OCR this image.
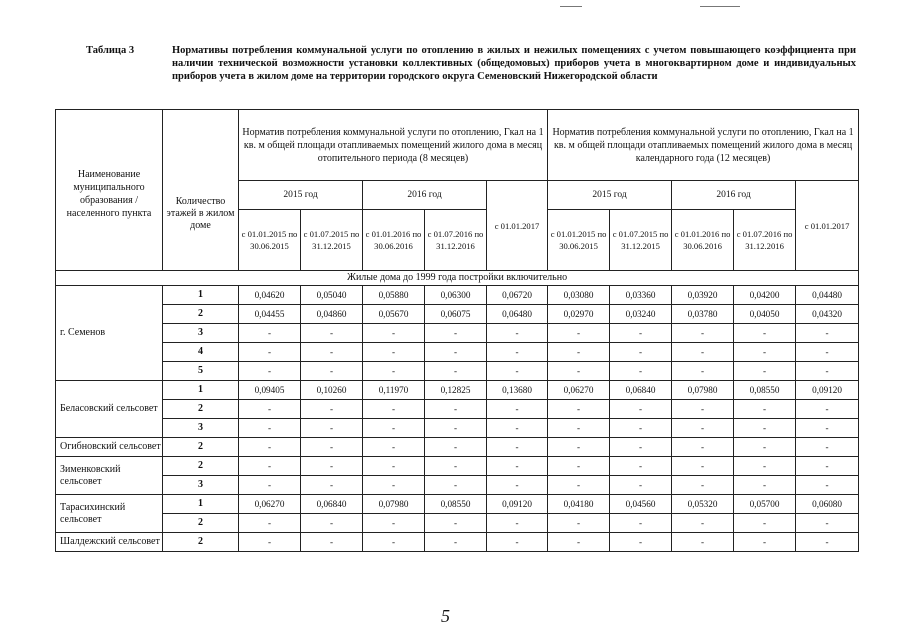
Таблица 3	Нормативы потребления коммунальной услуги по отоплению в жилых и нежилых помещениях с учетом повышающего коэффициента при наличии технической возможности установки коллективных (общедомовых) приборов учета в многоквартирном доме и индивидуальных приборов учета в жилом доме на территории городского округа Семеновский Нижегородской области
Наименование муниципального образования / населенного пункта	Количество этажей в жилом доме	Норматив потребления коммунальной услуги по отоплению, Гкал на 1 кв. м общей площади отапливаемых помещений жилого дома в месяц отопительного периода (8 месяцев)					Норматив потребления коммунальной услуги по отоплению, Гкал на 1 кв. м общей площади отапливаемых помещений жилого дома в месяц календарного года (12 месяцев)				
		2015 год		2016 год		с 01.01.2017	2015 год		2016 год		с 01.01.2017
		с 01.01.2015 по 30.06.2015	с 01.07.2015 по 31.12.2015	с 01.01.2016 по 30.06.2016	с 01.07.2016 по 31.12.2016		с 01.01.2015 по 30.06.2015	с 01.07.2015 по 31.12.2015	с 01.01.2016 по 30.06.2016	с 01.07.2016 по 31.12.2016	
Жилые дома до 1999 года постройки включительно											
г. Семенов	1	0,04620	0,05040	0,05880	0,06300	0,06720	0,03080	0,03360	0,03920	0,04200	0,04480
	2	0,04455	0,04860	0,05670	0,06075	0,06480	0,02970	0,03240	0,03780	0,04050	0,04320
	3	-	-	-	-	-	-	-	-	-	-
	4	-	-	-	-	-	-	-	-	-	-
	5	-	-	-	-	-	-	-	-	-	-
Беласовский сельсовет	1	0,09405	0,10260	0,11970	0,12825	0,13680	0,06270	0,06840	0,07980	0,08550	0,09120
	2	-	-	-	-	-	-	-	-	-	-
	3	-	-	-	-	-	-	-	-	-	-
Огибновский сельсовет	2	-	-	-	-	-	-	-	-	-	-
Зименковский сельсовет	2	-	-	-	-	-	-	-	-	-	-
	3	-	-	-	-	-	-	-	-	-	-
Тарасихинский сельсовет	1	0,06270	0,06840	0,07980	0,08550	0,09120	0,04180	0,04560	0,05320	0,05700	0,06080
	2	-	-	-	-	-	-	-	-	-	-
Шалдежский сельсовет	2	-	-	-	-	-	-	-	-	-	-
5
